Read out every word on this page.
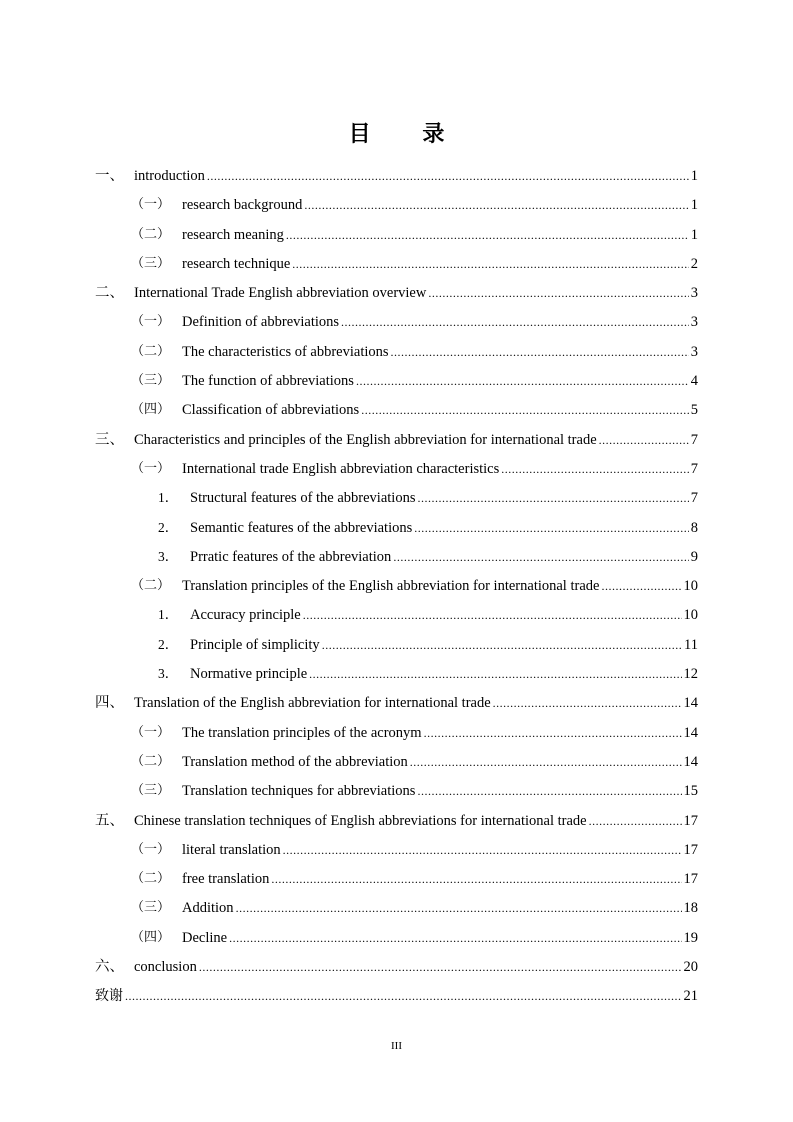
目 录
一、 introduction .....	1
（一） research background .....	1
（二） research meaning .....	1
（三） research technique .....	2
二、 International Trade English abbreviation overview .....	3
（一） Definition of abbreviations .....	3
（二） The characteristics of abbreviations .....	3
（三） The function of abbreviations .....	4
（四） Classification of abbreviations .....	5
三、 Characteristics and principles of the English abbreviation for international trade .....	7
（一） International trade English abbreviation characteristics .....	7
1． Structural features of the abbreviations .....	7
2． Semantic features of the abbreviations .....	8
3． Prratic features of the abbreviation .....	9
（二） Translation principles of the English abbreviation for international trade .....	10
1． Accuracy principle .....	10
2． Principle of simplicity .....	11
3． Normative principle .....	12
四、 Translation of the English abbreviation for international trade .....	14
（一） The translation principles of the acronym .....	14
（二） Translation method of the abbreviation .....	14
（三） Translation techniques for abbreviations .....	15
五、 Chinese translation techniques of English abbreviations for international trade .....	17
（一） literal translation .....	17
（二） free translation .....	17
（三） Addition .....	18
（四） Decline .....	19
六、 conclusion .....	20
致谢 .....	21
III
